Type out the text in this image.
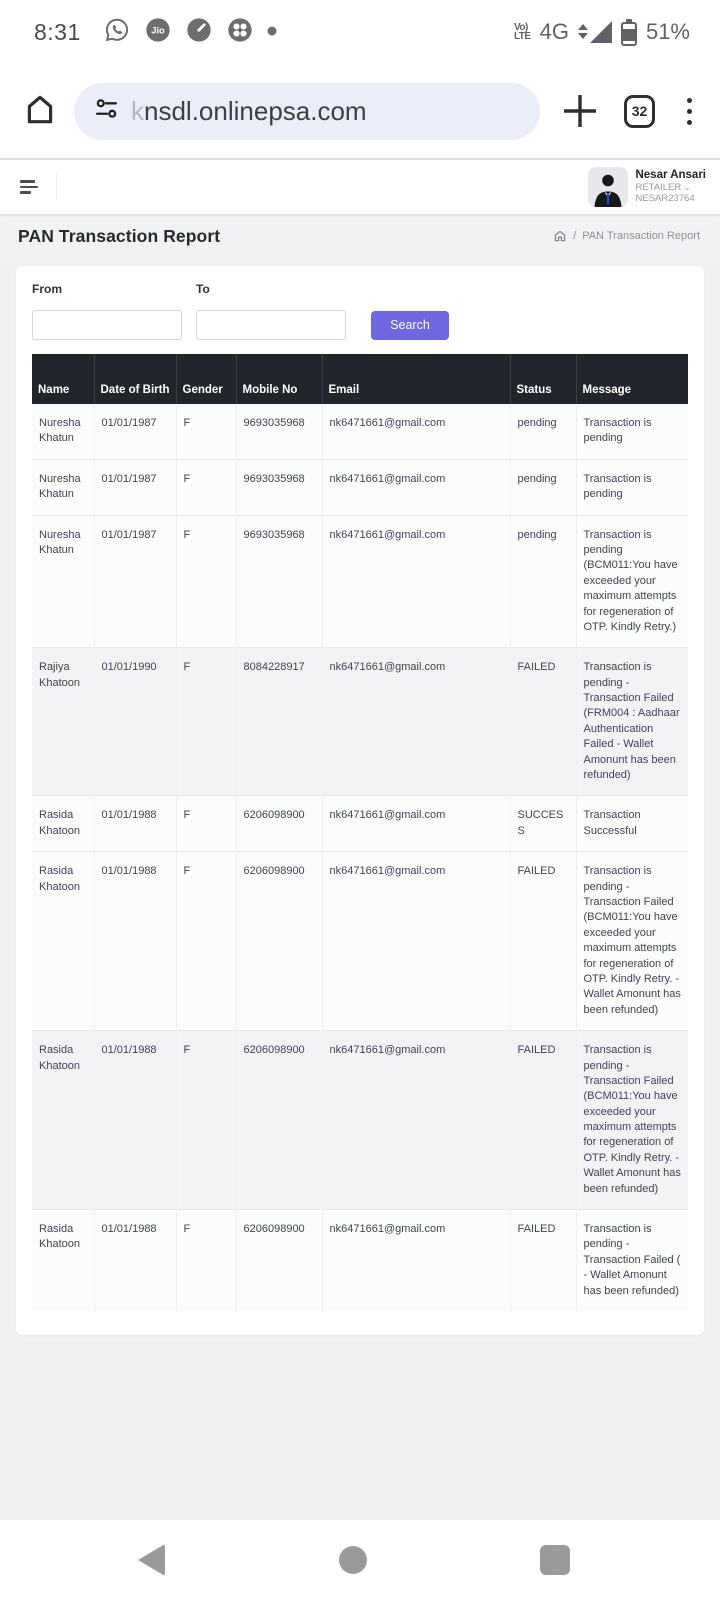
8:31	Jio	Vo)
LTE 4G	51%
knsdl.onlinepsa.com	32
Nesar Ansari
RETAILER ⌄
NESAR23764
PAN Transaction Report	/ PAN Transaction Report
From	To
Search
Name	Date of Birth	Gender	Mobile No	Email	Status	Message
Nuresha Khatun	01/01/1987	F	9693035968	nk6471661@gmail.com	pending	Transaction is pending
Nuresha Khatun	01/01/1987	F	9693035968	nk6471661@gmail.com	pending	Transaction is pending
Nuresha Khatun	01/01/1987	F	9693035968	nk6471661@gmail.com	pending	Transaction is pending (BCM011:You have exceeded your maximum attempts for regeneration of OTP. Kindly Retry.)
Rajiya Khatoon	01/01/1990	F	8084228917	nk6471661@gmail.com	FAILED	Transaction is pending - Transaction Failed (FRM004 : Aadhaar Authentication Failed - Wallet Amonunt has been refunded)
Rasida Khatoon	01/01/1988	F	6206098900	nk6471661@gmail.com	SUCCESS	Transaction Successful
Rasida Khatoon	01/01/1988	F	6206098900	nk6471661@gmail.com	FAILED	Transaction is pending - Transaction Failed (BCM011:You have exceeded your maximum attempts for regeneration of OTP. Kindly Retry. - Wallet Amonunt has been refunded)
Rasida Khatoon	01/01/1988	F	6206098900	nk6471661@gmail.com	FAILED	Transaction is pending - Transaction Failed (BCM011:You have exceeded your maximum attempts for regeneration of OTP. Kindly Retry. - Wallet Amonunt has been refunded)
Rasida Khatoon	01/01/1988	F	6206098900	nk6471661@gmail.com	FAILED	Transaction is pending - Transaction Failed ( - Wallet Amonunt has been refunded)
